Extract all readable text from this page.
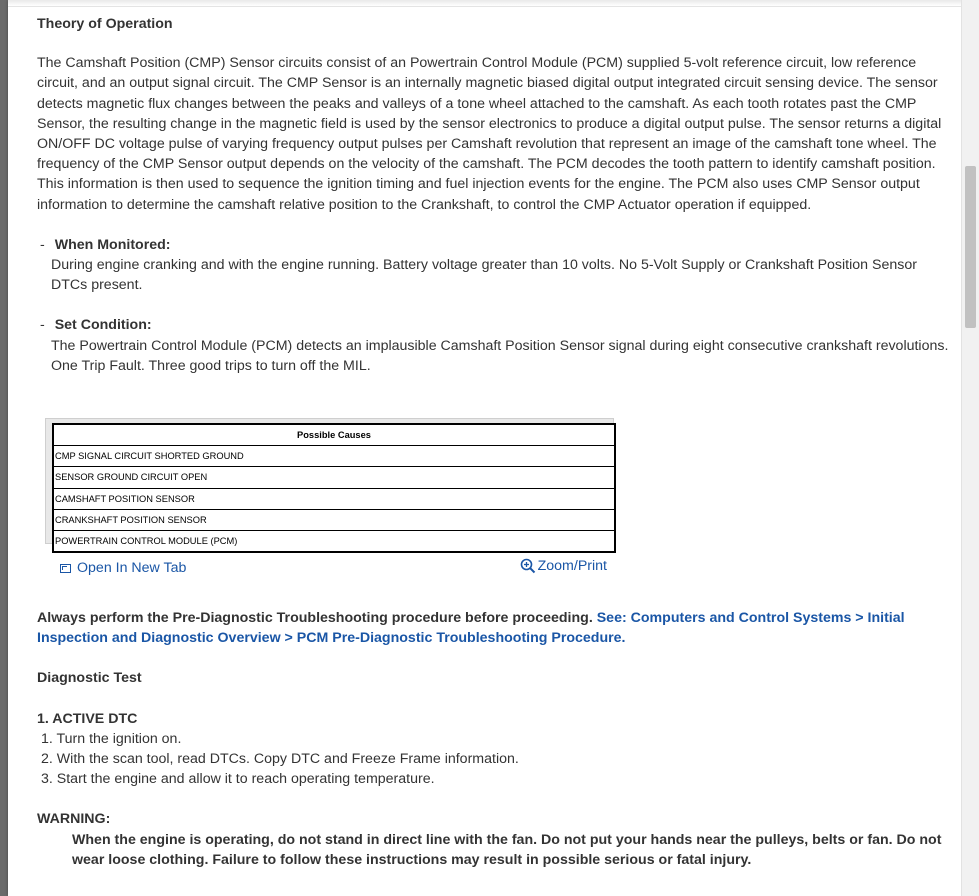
Theory of Operation

The Camshaft Position (CMP) Sensor circuits consist of an Powertrain Control Module (PCM) supplied 5-volt reference circuit, low reference circuit, and an output signal circuit. The CMP Sensor is an internally magnetic biased digital output integrated circuit sensing device. The sensor detects magnetic flux changes between the peaks and valleys of a tone wheel attached to the camshaft. As each tooth rotates past the CMP Sensor, the resulting change in the magnetic field is used by the sensor electronics to produce a digital output pulse. The sensor returns a digital ON/OFF DC voltage pulse of varying frequency output pulses per Camshaft revolution that represent an image of the camshaft tone wheel. The frequency of the CMP Sensor output depends on the velocity of the camshaft. The PCM decodes the tooth pattern to identify camshaft position. This information is then used to sequence the ignition timing and fuel injection events for the engine. The PCM also uses CMP Sensor output information to determine the camshaft relative position to the Crankshaft, to control the CMP Actuator operation if equipped.

- When Monitored:

During engine cranking and with the engine running. Battery voltage greater than 10 volts. No 5-Volt Supply or Crankshaft Position Sensor DTCs present.

- Set Condition:

The Powertrain Control Module (PCM) detects an implausible Camshaft Position Sensor signal during eight consecutive crankshaft revolutions. One Trip Fault. Three good trips to turn off the MIL.

Possible Causes
CMP SIGNAL CIRCUIT SHORTED GROUND
SENSOR GROUND CIRCUIT OPEN
CAMSHAFT POSITION SENSOR
CRANKSHAFT POSITION SENSOR
POWERTRAIN CONTROL MODULE (PCM)
Open In New Tab	Zoom/Print

Always perform the Pre-Diagnostic Troubleshooting procedure before proceeding. See: Computers and Control Systems > Initial Inspection and Diagnostic Overview > PCM Pre-Diagnostic Troubleshooting Procedure.

Diagnostic Test

1. ACTIVE DTC

1. Turn the ignition on.
2. With the scan tool, read DTCs. Copy DTC and Freeze Frame information.
3. Start the engine and allow it to reach operating temperature.

WARNING:

When the engine is operating, do not stand in direct line with the fan. Do not put your hands near the pulleys, belts or fan. Do not wear loose clothing. Failure to follow these instructions may result in possible serious or fatal injury.
